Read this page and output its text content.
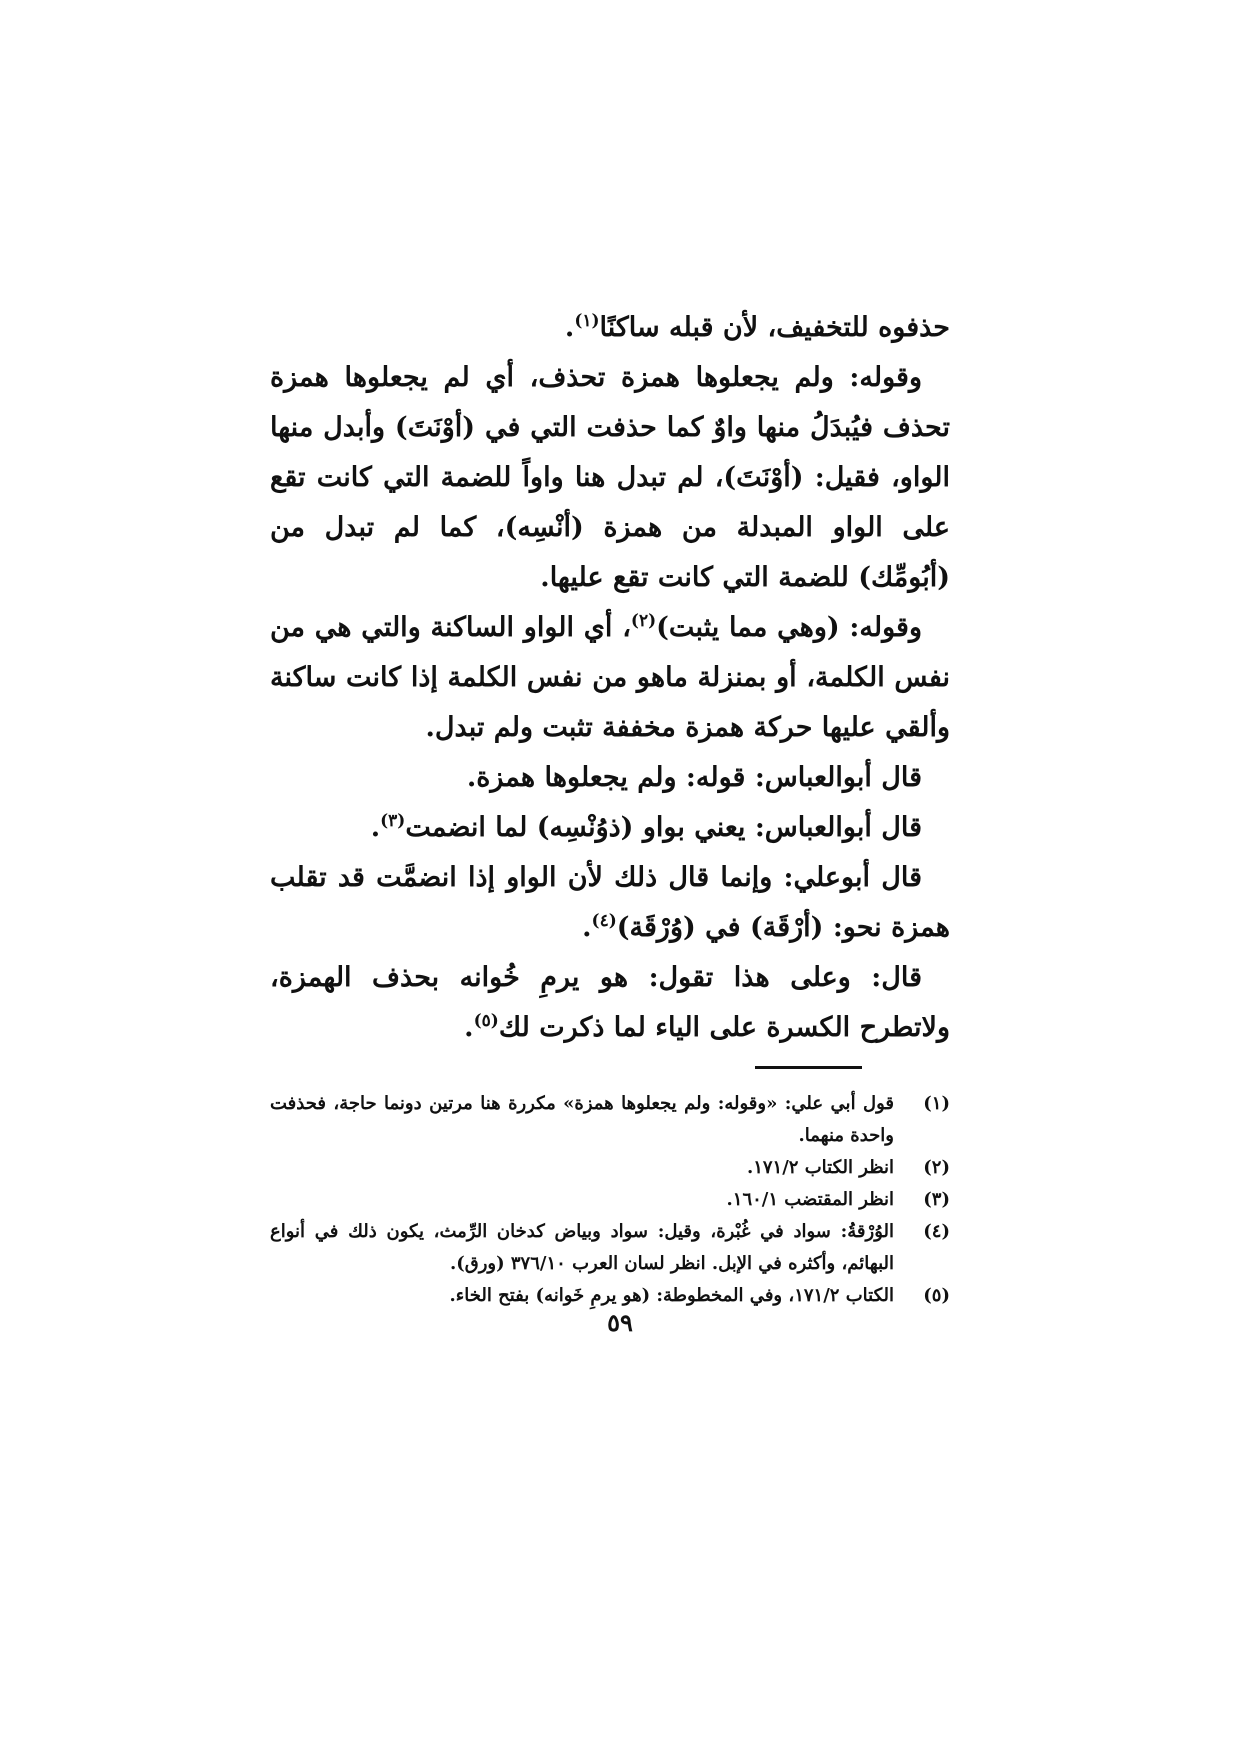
حذفوه للتخفيف، لأن قبله ساكنًا$^{(١)}$.

وقوله: ولم يجعلوها همزة تحذف، أي لم يجعلوها همزة تحذف فيُبدَلُ منها واوٌ كما حذفت التي في (أوْنَتَ) وأبدل منها الواو، فقيل: (أوْنَتَ)، لم تبدل هنا واواً للضمة التي كانت تقع على الواو المبدلة من همزة (أنْسِه)، كما لم تبدل من (أبُومِّك) للضمة التي كانت تقع عليها.

وقوله: (وهي مما يثبت)$^{(٢)}$، أي الواو الساكنة والتي هي من نفس الكلمة، أو بمنزلة ماهو من نفس الكلمة إذا كانت ساكنة وألقي عليها حركة همزة مخففة تثبت ولم تبدل.

قال أبوالعباس: قوله: ولم يجعلوها همزة.

قال أبوالعباس: يعني بواو (ذوُنْسِه) لما انضمت$^{(٣)}$.

قال أبوعلي: وإنما قال ذلك لأن الواو إذا انضمَّت قد تقلب همزة نحو: (أرْقَة) في (وُرْقَة)$^{(٤)}$.

قال: وعلى هذا تقول: هو يرمِ خُوانه بحذف الهمزة، ولاتطرح الكسرة على الياء لما ذكرت لك$^{(٥)}$.

(١)
قول أبي علي: «وقوله: ولم يجعلوها همزة» مكررة هنا مرتين دونما حاجة، فحذفت واحدة منهما.
(٢)
انظر الكتاب ١٧١/٢.
(٣)
انظر المقتضب ١٦٠/١.
(٤)
الوُرْقةُ: سواد في غُبْرة، وقيل: سواد وبياض كدخان الرِّمث، يكون ذلك في أنواع البهائم، وأكثره في الإبل. انظر لسان العرب ٣٧٦/١٠ (ورق).
(٥)
الكتاب ١٧١/٢، وفي المخطوطة: (هو يرمِ خَوانه) بفتح الخاء.
٥٩
